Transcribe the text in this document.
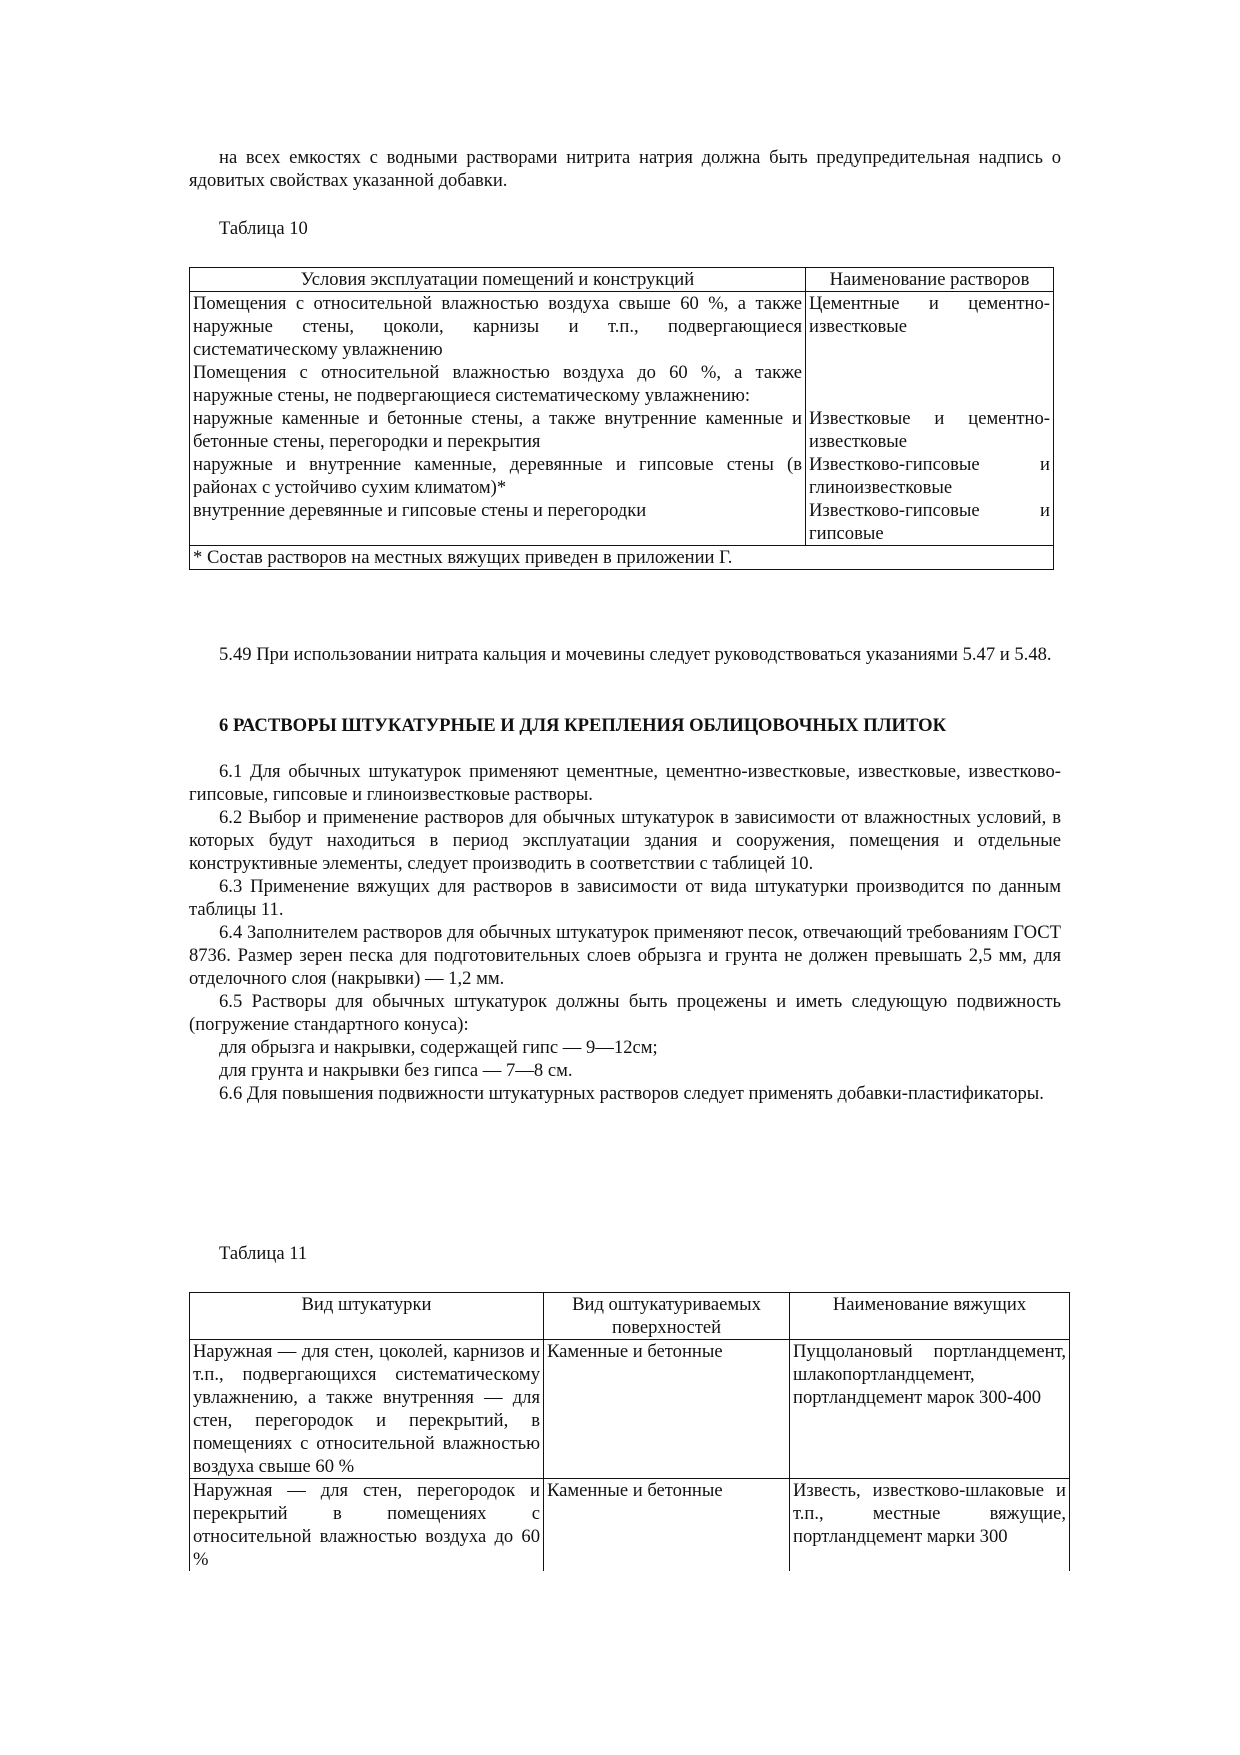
на всех емкостях с водными растворами нитрита натрия должна быть предупредительная надпись о ядовитых свойствах указанной добавки.

Таблица 10

Условия эксплуатации помещений и конструкций	Наименование растворов

Помещения с относительной влажностью воздуха свыше 60 %, а также наружные стены, цоколи, карнизы и т.п., подвергающиеся систематическому увлажнению	Цементные и цементно-известковые

Помещения с относительной влажностью воздуха до 60 %, а также наружные стены, не подвергающиеся систематическому увлажнению:	

наружные каменные и бетонные стены, а также внутренние каменные и бетонные стены, перегородки и перекрытия	Известковые и цементно-известковые

наружные и внутренние каменные, деревянные и гипсовые стены (в районах с устойчиво сухим климатом)*	Известково-гипсовые и глиноизвестковые

внутренние деревянные и гипсовые стены и перегородки	Известково-гипсовые и гипсовые

* Состав растворов на местных вяжущих приведен в приложении Г.	

5.49 При использовании нитрата кальция и мочевины следует руководствоваться указаниями 5.47 и 5.48.

6 РАСТВОРЫ ШТУКАТУРНЫЕ И ДЛЯ КРЕПЛЕНИЯ ОБЛИЦОВОЧНЫХ ПЛИТОК

6.1 Для обычных штукатурок применяют цементные, цементно-известковые, известковые, известково-гипсовые, гипсовые и глиноизвестковые растворы.

6.2 Выбор и применение растворов для обычных штукатурок в зависимости от влажностных условий, в которых будут находиться в период эксплуатации здания и сооружения, помещения и отдельные конструктивные элементы, следует производить в соответствии с таблицей 10.

6.3 Применение вяжущих для растворов в зависимости от вида штукатурки производится по данным таблицы 11.

6.4 Заполнителем растворов для обычных штукатурок применяют песок, отвечающий требованиям ГОСТ 8736. Размер зерен песка для подготовительных слоев обрызга и грунта не должен превышать 2,5 мм, для отделочного слоя (накрывки) — 1,2 мм.

6.5 Растворы для обычных штукатурок должны быть процежены и иметь следующую подвижность (погружение стандартного конуса):

для обрызга и накрывки, содержащей гипс — 9—12см;

для грунта и накрывки без гипса — 7—8 см.

6.6 Для повышения подвижности штукатурных растворов следует применять добавки-пластификаторы.

Таблица 11

Вид штукатурки	Вид оштукатуриваемых поверхностей	Наименование вяжущих

Наружная — для стен, цоколей, карнизов и т.п., подвергающихся систематическому увлажнению, а также внутренняя — для стен, перегородок и перекрытий, в помещениях с относительной влажностью воздуха свыше 60 %	Каменные и бетонные	Пуццолановый портландцемент, шлакопортландцемент, портландцемент марок 300-400

Наружная — для стен, перегородок и перекрытий в помещениях с относительной влажностью воздуха до 60 %	Каменные и бетонные	Известь, известково-шлаковые и т.п., местные вяжущие, портландцемент марки 300
